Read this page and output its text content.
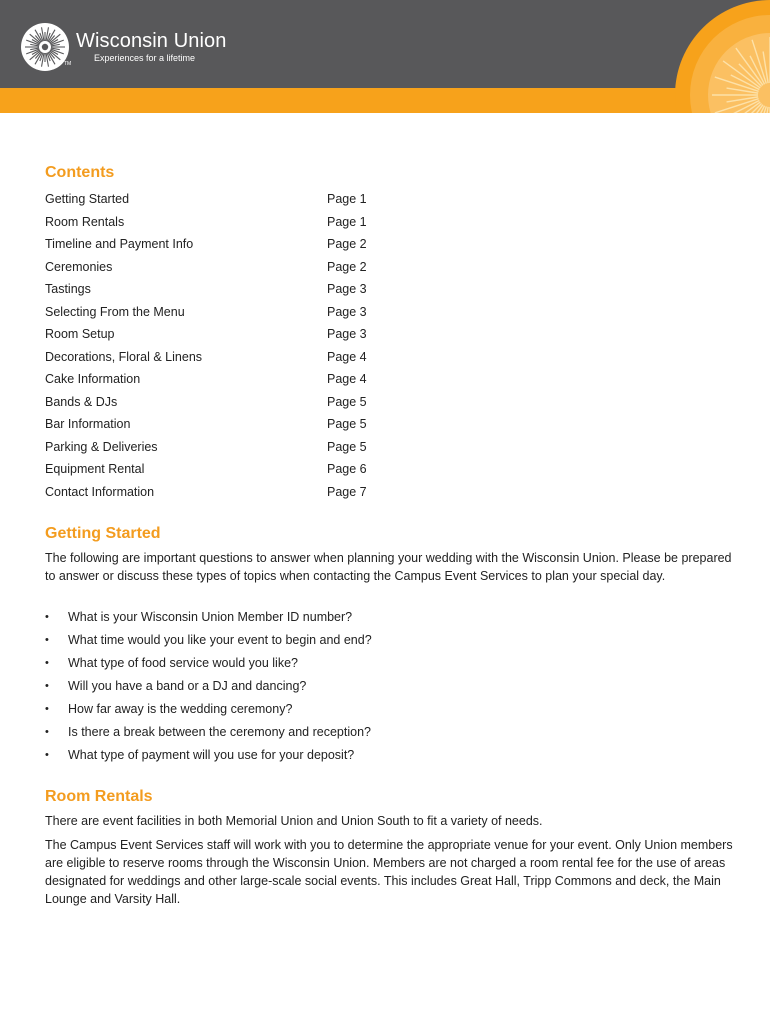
TM
Wisconsin Union
Experiences for a lifetime
Contents
Getting Started	Page 1
Room Rentals	Page 1
Timeline and Payment Info	Page 2
Ceremonies	Page 2
Tastings	Page 3
Selecting From the Menu	Page 3
Room Setup	Page 3
Decorations, Floral & Linens	Page 4
Cake Information	Page 4
Bands & DJs	Page 5
Bar Information	Page 5
Parking & Deliveries	Page 5
Equipment Rental	Page 6
Contact Information	Page 7
Getting Started

The following are important questions to answer when planning your wedding with the Wisconsin Union. Please be prepared to answer or discuss these types of topics when contacting the Campus Event Services to plan your special day.

• What is your Wisconsin Union Member ID number?
• What time would you like your event to begin and end?
• What type of food service would you like?
• Will you have a band or a DJ and dancing?
• How far away is the wedding ceremony?
• Is there a break between the ceremony and reception?
• What type of payment will you use for your deposit?
Room Rentals

There are event facilities in both Memorial Union and Union South to fit a variety of needs.

The Campus Event Services staff will work with you to determine the appropriate venue for your event. Only Union members are eligible to reserve rooms through the Wisconsin Union. Members are not charged a room rental fee for the use of areas designated for weddings and other large-scale social events. This includes Great Hall, Tripp Commons and deck, the Main Lounge and Varsity Hall.
